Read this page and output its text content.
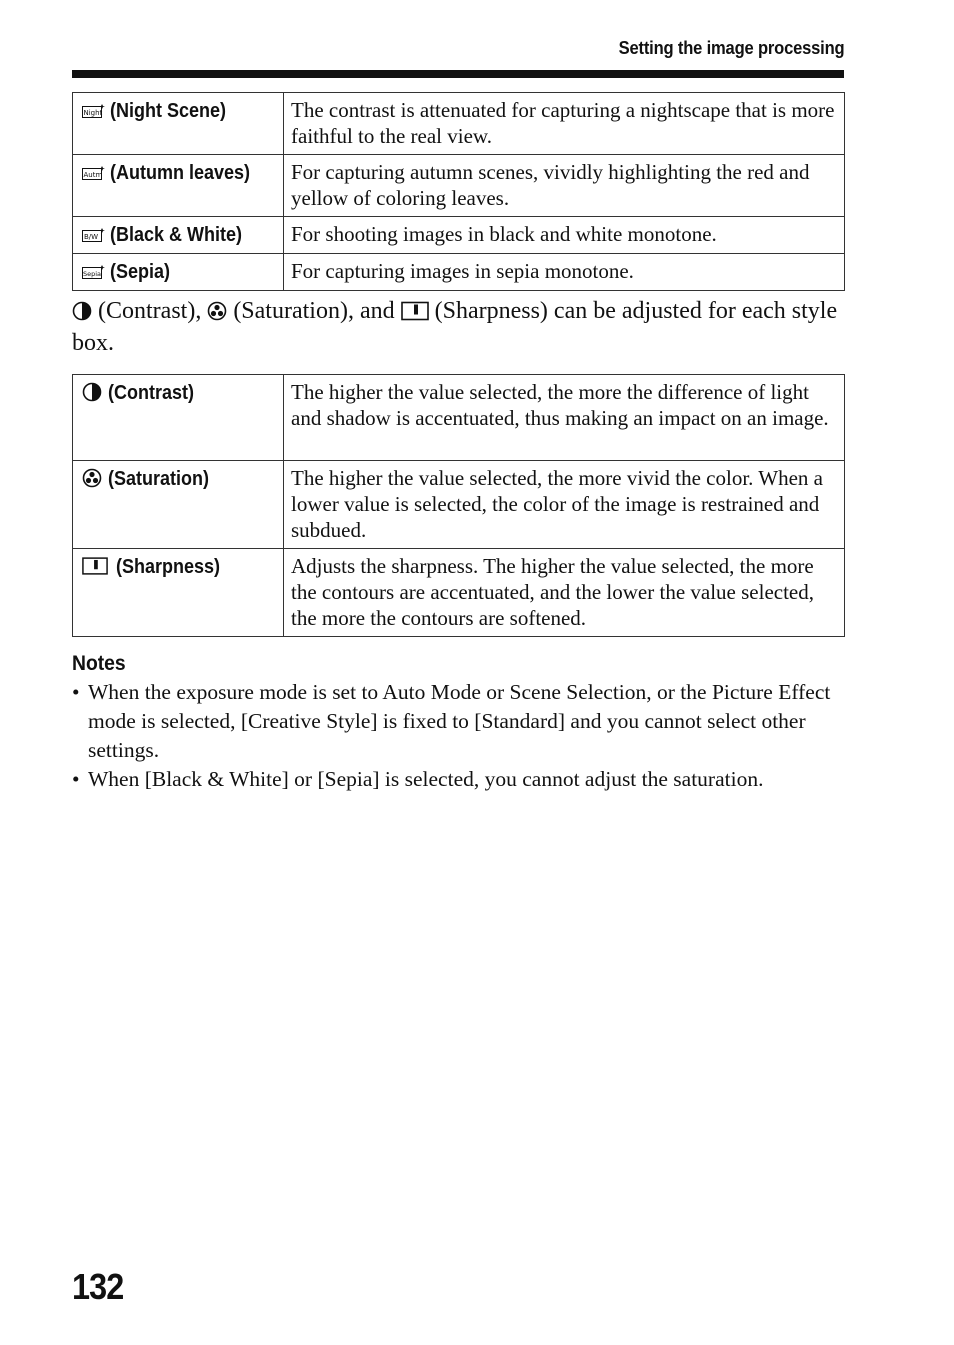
Setting the image processing
Night (Night Scene)	The contrast is attenuated for capturing a nightscape that is more faithful to the real view.

Autm (Autumn leaves)	For capturing autumn scenes, vividly highlighting the red and yellow of coloring leaves.

B/W (Black & White)	For shooting images in black and white monotone.

Sepia (Sepia)	For capturing images in sepia monotone.
(Contrast), (Saturation), and (Sharpness) can be adjusted for each style box.
(Contrast)	The higher the value selected, the more the difference of light and shadow is accentuated, thus making an impact on an image.
(Saturation)	The higher the value selected, the more vivid the color. When a lower value is selected, the color of the image is restrained and subdued.
(Sharpness)	Adjusts the sharpness. The higher the value selected, the more the contours are accentuated, and the lower the value selected, the more the contours are softened.
Notes
• When the exposure mode is set to Auto Mode or Scene Selection, or the Picture Effect mode is selected, [Creative Style] is fixed to [Standard] and you cannot select other settings.
• When [Black & White] or [Sepia] is selected, you cannot adjust the saturation.
132
